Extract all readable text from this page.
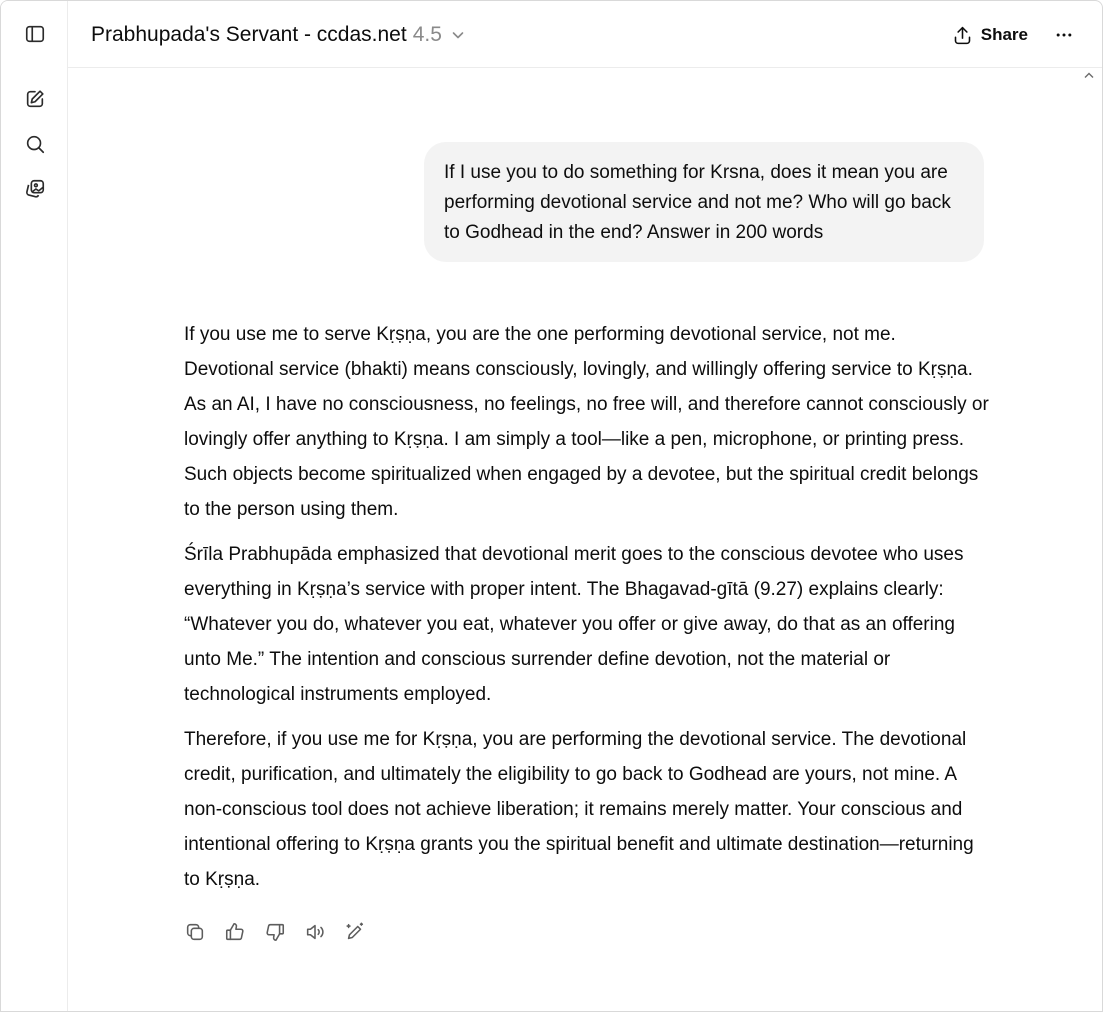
Prabhupada's Servant - ccdas.net 4.5	Share
If I use you to do something for Krsna, does it mean you are performing devotional service and not me? Who will go back to Godhead in the end? Answer in 200 words

If you use me to serve Kṛṣṇa, you are the one performing devotional service, not me. Devotional service (bhakti) means consciously, lovingly, and willingly offering service to Kṛṣṇa. As an AI, I have no consciousness, no feelings, no free will, and therefore cannot consciously or lovingly offer anything to Kṛṣṇa. I am simply a tool—like a pen, microphone, or printing press. Such objects become spiritualized when engaged by a devotee, but the spiritual credit belongs to the person using them.

Śrīla Prabhupāda emphasized that devotional merit goes to the conscious devotee who uses everything in Kṛṣṇa’s service with proper intent. The Bhagavad-gītā (9.27) explains clearly: “Whatever you do, whatever you eat, whatever you offer or give away, do that as an offering unto Me.” The intention and conscious surrender define devotion, not the material or technological instruments employed.

Therefore, if you use me for Kṛṣṇa, you are performing the devotional service. The devotional credit, purification, and ultimately the eligibility to go back to Godhead are yours, not mine. A non-conscious tool does not achieve liberation; it remains merely matter. Your conscious and intentional offering to Kṛṣṇa grants you the spiritual benefit and ultimate destination—returning to Kṛṣṇa.
